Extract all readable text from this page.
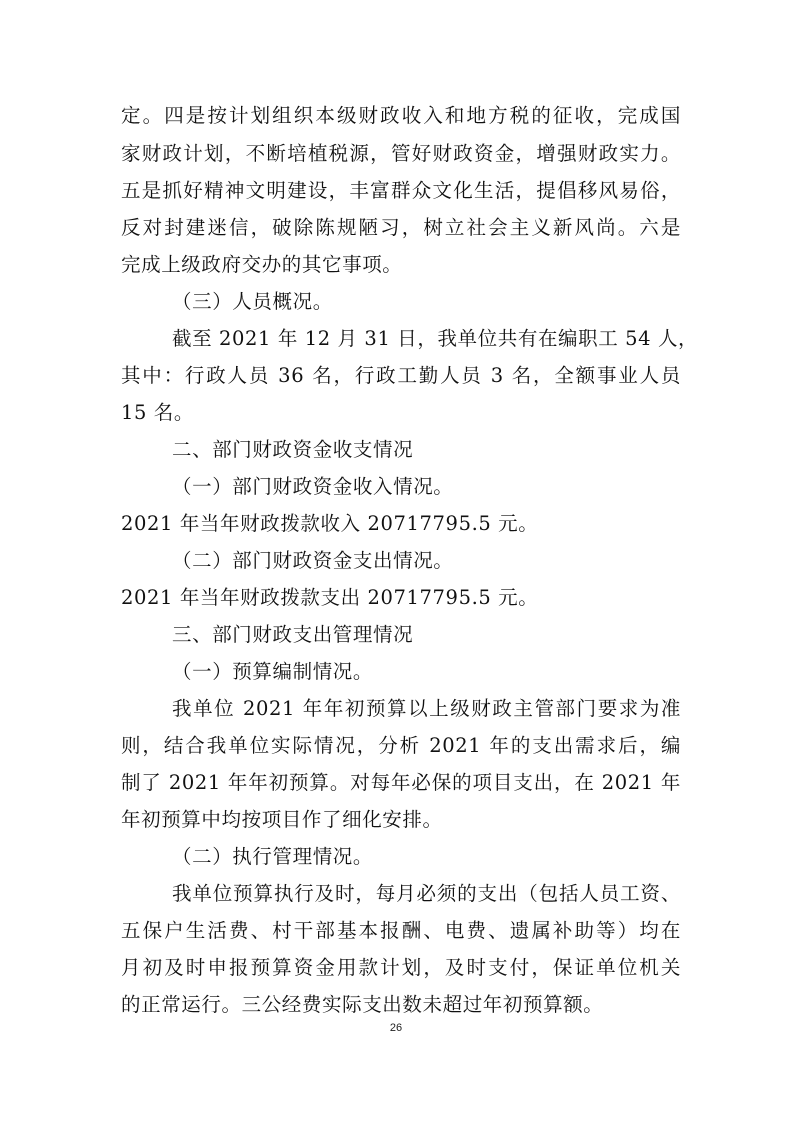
定。四是按计划组织本级财政收入和地方税的征收，完成国
家财政计划，不断培植税源，管好财政资金，增强财政实力。
五是抓好精神文明建设，丰富群众文化生活，提倡移风易俗，
反对封建迷信，破除陈规陋习，树立社会主义新风尚。六是
完成上级政府交办的其它事项。
（三）人员概况。
截至 2021 年 12 月 31 日，我单位共有在编职工 54 人，
其中：行政人员 36 名，行政工勤人员 3 名，全额事业人员
15 名。
二、部门财政资金收支情况
（一）部门财政资金收入情况。
2021 年当年财政拨款收入 20717795.5 元。
（二）部门财政资金支出情况。
2021 年当年财政拨款支出 20717795.5 元。
三、部门财政支出管理情况
（一）预算编制情况。
我单位 2021 年年初预算以上级财政主管部门要求为准
则，结合我单位实际情况，分析 2021 年的支出需求后，编
制了 2021 年年初预算。对每年必保的项目支出，在 2021 年
年初预算中均按项目作了细化安排。
（二）执行管理情况。
我单位预算执行及时，每月必须的支出（包括人员工资、
五保户生活费、村干部基本报酬、电费、遗属补助等）均在
月初及时申报预算资金用款计划，及时支付，保证单位机关
的正常运行。三公经费实际支出数未超过年初预算额。
26
